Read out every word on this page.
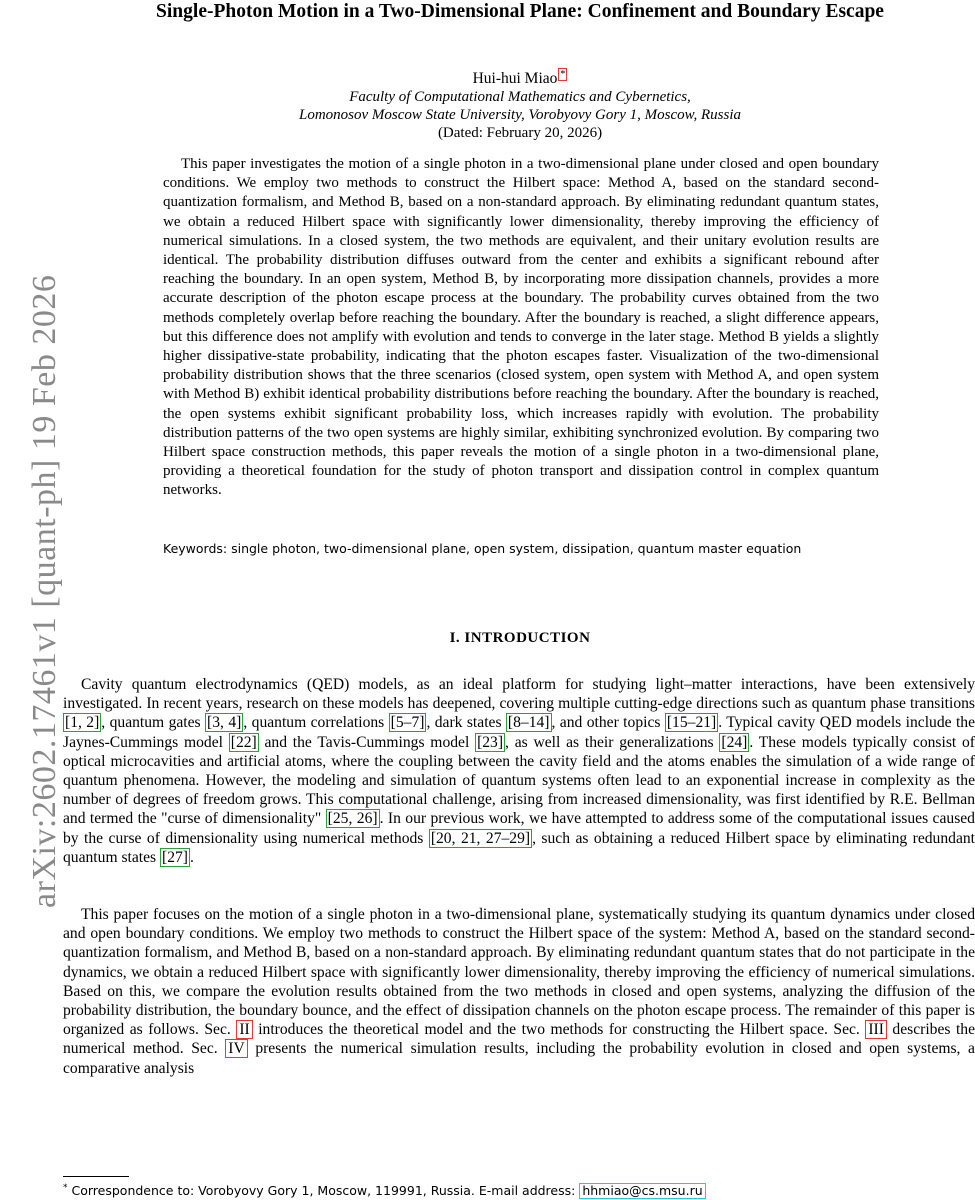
arXiv:2602.17461v1 [quant-ph] 19 Feb 2026
Single-Photon Motion in a Two-Dimensional Plane: Confinement and Boundary Escape
Hui-hui Miao *
Faculty of Computational Mathematics and Cybernetics,
Lomonosov Moscow State University, Vorobyovy Gory 1, Moscow, Russia
(Dated: February 20, 2026)
This paper investigates the motion of a single photon in a two-dimensional plane under closed and open boundary conditions. We employ two methods to construct the Hilbert space: Method A, based on the standard second-quantization formalism, and Method B, based on a non-standard approach. By eliminating redundant quantum states, we obtain a reduced Hilbert space with significantly lower dimensionality, thereby improving the efficiency of numerical simulations. In a closed system, the two methods are equivalent, and their unitary evolution results are identical. The probability distribution diffuses outward from the center and exhibits a significant rebound after reaching the boundary. In an open system, Method B, by incorporating more dissipation channels, provides a more accurate description of the photon escape process at the boundary. The probability curves obtained from the two methods completely overlap before reaching the boundary. After the boundary is reached, a slight difference appears, but this difference does not amplify with evolution and tends to converge in the later stage. Method B yields a slightly higher dissipative-state probability, indicating that the photon escapes faster. Visualization of the two-dimensional probability distribution shows that the three scenarios (closed system, open system with Method A, and open system with Method B) exhibit identical probability distributions before reaching the boundary. After the boundary is reached, the open systems exhibit significant probability loss, which increases rapidly with evolution. The probability distribution patterns of the two open systems are highly similar, exhibiting synchronized evolution. By comparing two Hilbert space construction methods, this paper reveals the motion of a single photon in a two-dimensional plane, providing a theoretical foundation for the study of photon transport and dissipation control in complex quantum networks.
Keywords: single photon, two-dimensional plane, open system, dissipation, quantum master equation
I. INTRODUCTION
Cavity quantum electrodynamics (QED) models, as an ideal platform for studying light–matter interactions, have been extensively investigated. In recent years, research on these models has deepened, covering multiple cutting-edge directions such as quantum phase transitions [1, 2] , quantum gates [3, 4] , quantum correlations [5–7] , dark states [8–14] , and other topics [15–21] . Typical cavity QED models include the Jaynes-Cummings model [22] and the Tavis-Cummings model [23] , as well as their generalizations [24] . These models typically consist of optical microcavities and artificial atoms, where the coupling between the cavity field and the atoms enables the simulation of a wide range of quantum phenomena. However, the modeling and simulation of quantum systems often lead to an exponential increase in complexity as the number of degrees of freedom grows. This computational challenge, arising from increased dimensionality, was first identified by R.E. Bellman and termed the "curse of dimensionality" [25, 26] . In our previous work, we have attempted to address some of the computational issues caused by the curse of dimensionality using numerical methods [20, 21, 27–29] , such as obtaining a reduced Hilbert space by eliminating redundant quantum states [27] .
This paper focuses on the motion of a single photon in a two-dimensional plane, systematically studying its quantum dynamics under closed and open boundary conditions. We employ two methods to construct the Hilbert space of the system: Method A, based on the standard second-quantization formalism, and Method B, based on a non-standard approach. By eliminating redundant quantum states that do not participate in the dynamics, we obtain a reduced Hilbert space with significantly lower dimensionality, thereby improving the efficiency of numerical simulations. Based on this, we compare the evolution results obtained from the two methods in closed and open systems, analyzing the diffusion of the probability distribution, the boundary bounce, and the effect of dissipation channels on the photon escape process. The remainder of this paper is organized as follows. Sec. II introduces the theoretical model and the two methods for constructing the Hilbert space. Sec. III describes the numerical method. Sec. IV presents the numerical simulation results, including the probability evolution in closed and open systems, a comparative analysis
* Correspondence to: Vorobyovy Gory 1, Moscow, 119991, Russia. E-mail address: hhmiao@cs.msu.ru
